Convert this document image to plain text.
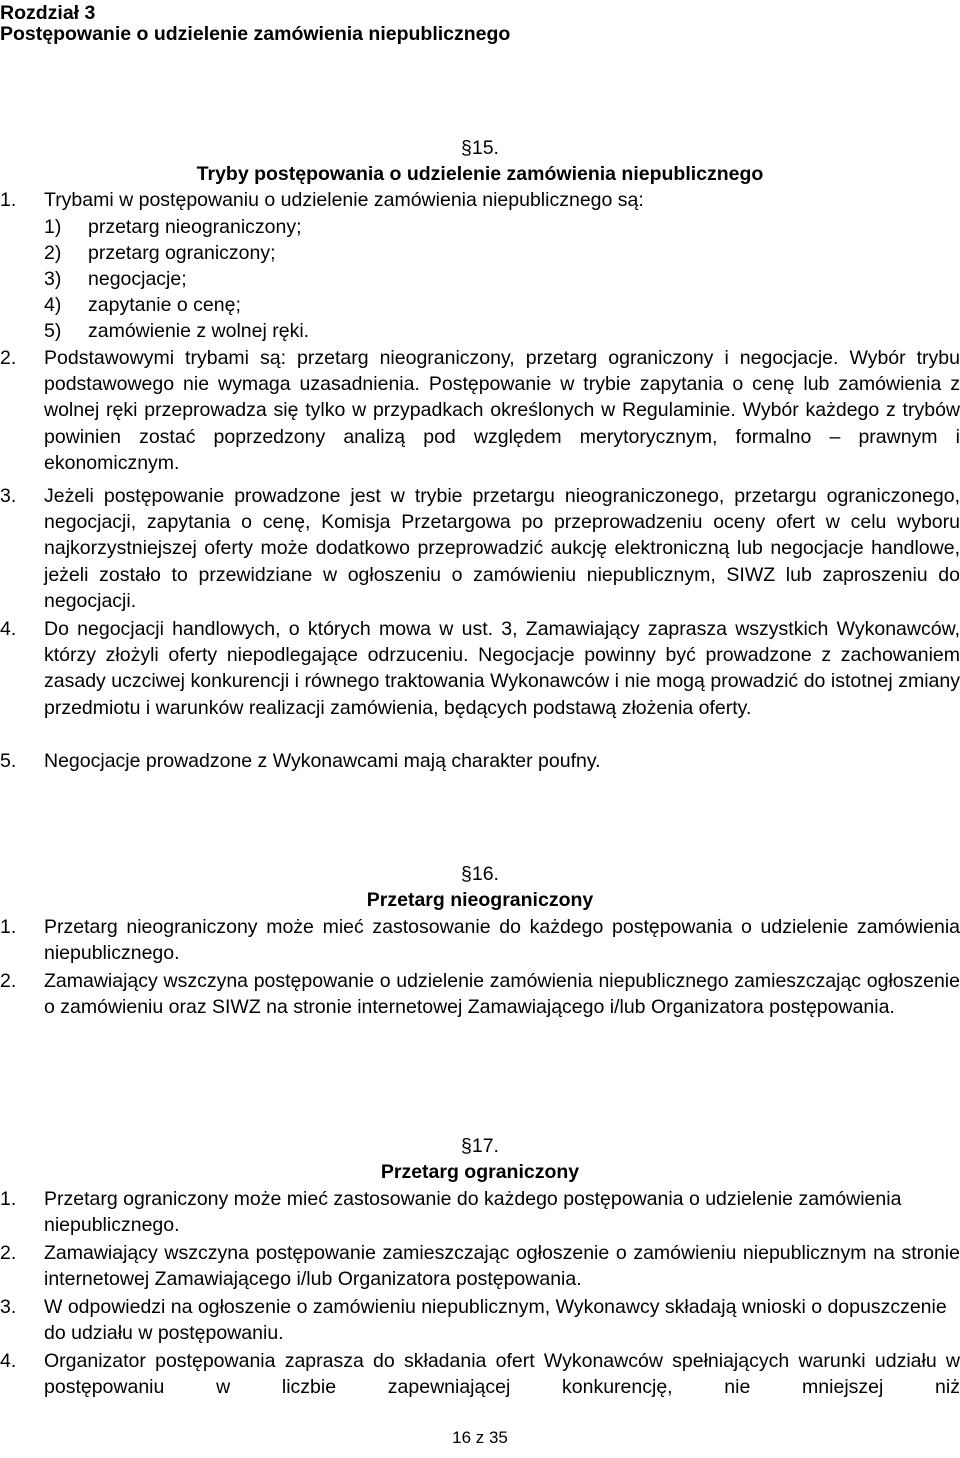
Rozdział 3
Postępowanie o udzielenie zamówienia niepublicznego
§15.
Tryby postępowania o udzielenie zamówienia niepublicznego
1. Trybami w postępowaniu o udzielenie zamówienia niepublicznego są:
1) przetarg nieograniczony;
2) przetarg ograniczony;
3) negocjacje;
4) zapytanie o cenę;
5) zamówienie z wolnej ręki.
2. Podstawowymi trybami są: przetarg nieograniczony, przetarg ograniczony i negocjacje. Wybór trybu podstawowego nie wymaga uzasadnienia. Postępowanie w trybie zapytania o cenę lub zamówienia z wolnej ręki przeprowadza się tylko w przypadkach określonych w Regulaminie. Wybór każdego z trybów powinien zostać poprzedzony analizą pod względem merytorycznym, formalno – prawnym i ekonomicznym.
3. Jeżeli postępowanie prowadzone jest w trybie przetargu nieograniczonego, przetargu ograniczonego, negocjacji, zapytania o cenę, Komisja Przetargowa po przeprowadzeniu oceny ofert w celu wyboru najkorzystniejszej oferty może dodatkowo przeprowadzić aukcję elektroniczną lub negocjacje handlowe, jeżeli zostało to przewidziane w ogłoszeniu o zamówieniu niepublicznym, SIWZ lub zaproszeniu do negocjacji.
4. Do negocjacji handlowych, o których mowa w ust. 3, Zamawiający zaprasza wszystkich Wykonawców, którzy złożyli oferty niepodlegające odrzuceniu. Negocjacje powinny być prowadzone z zachowaniem zasady uczciwej konkurencji i równego traktowania Wykonawców i nie mogą prowadzić do istotnej zmiany przedmiotu i warunków realizacji zamówienia, będących podstawą złożenia oferty.
5. Negocjacje prowadzone z Wykonawcami mają charakter poufny.
§16.
Przetarg nieograniczony
1. Przetarg nieograniczony może mieć zastosowanie do każdego postępowania o udzielenie zamówienia niepublicznego.
2. Zamawiający wszczyna postępowanie o udzielenie zamówienia niepublicznego zamieszczając ogłoszenie o zamówieniu oraz SIWZ na stronie internetowej Zamawiającego i/lub Organizatora postępowania.
§17.
Przetarg ograniczony
1. Przetarg ograniczony może mieć zastosowanie do każdego postępowania o udzielenie zamówienia niepublicznego.
2. Zamawiający wszczyna postępowanie zamieszczając ogłoszenie o zamówieniu niepublicznym na stronie internetowej Zamawiającego i/lub Organizatora postępowania.
3. W odpowiedzi na ogłoszenie o zamówieniu niepublicznym, Wykonawcy składają wnioski o dopuszczenie do udziału w postępowaniu.
4. Organizator postępowania zaprasza do składania ofert Wykonawców spełniających warunki udziału w postępowaniu w liczbie zapewniającej konkurencję, nie mniejszej niż
16 z 35
